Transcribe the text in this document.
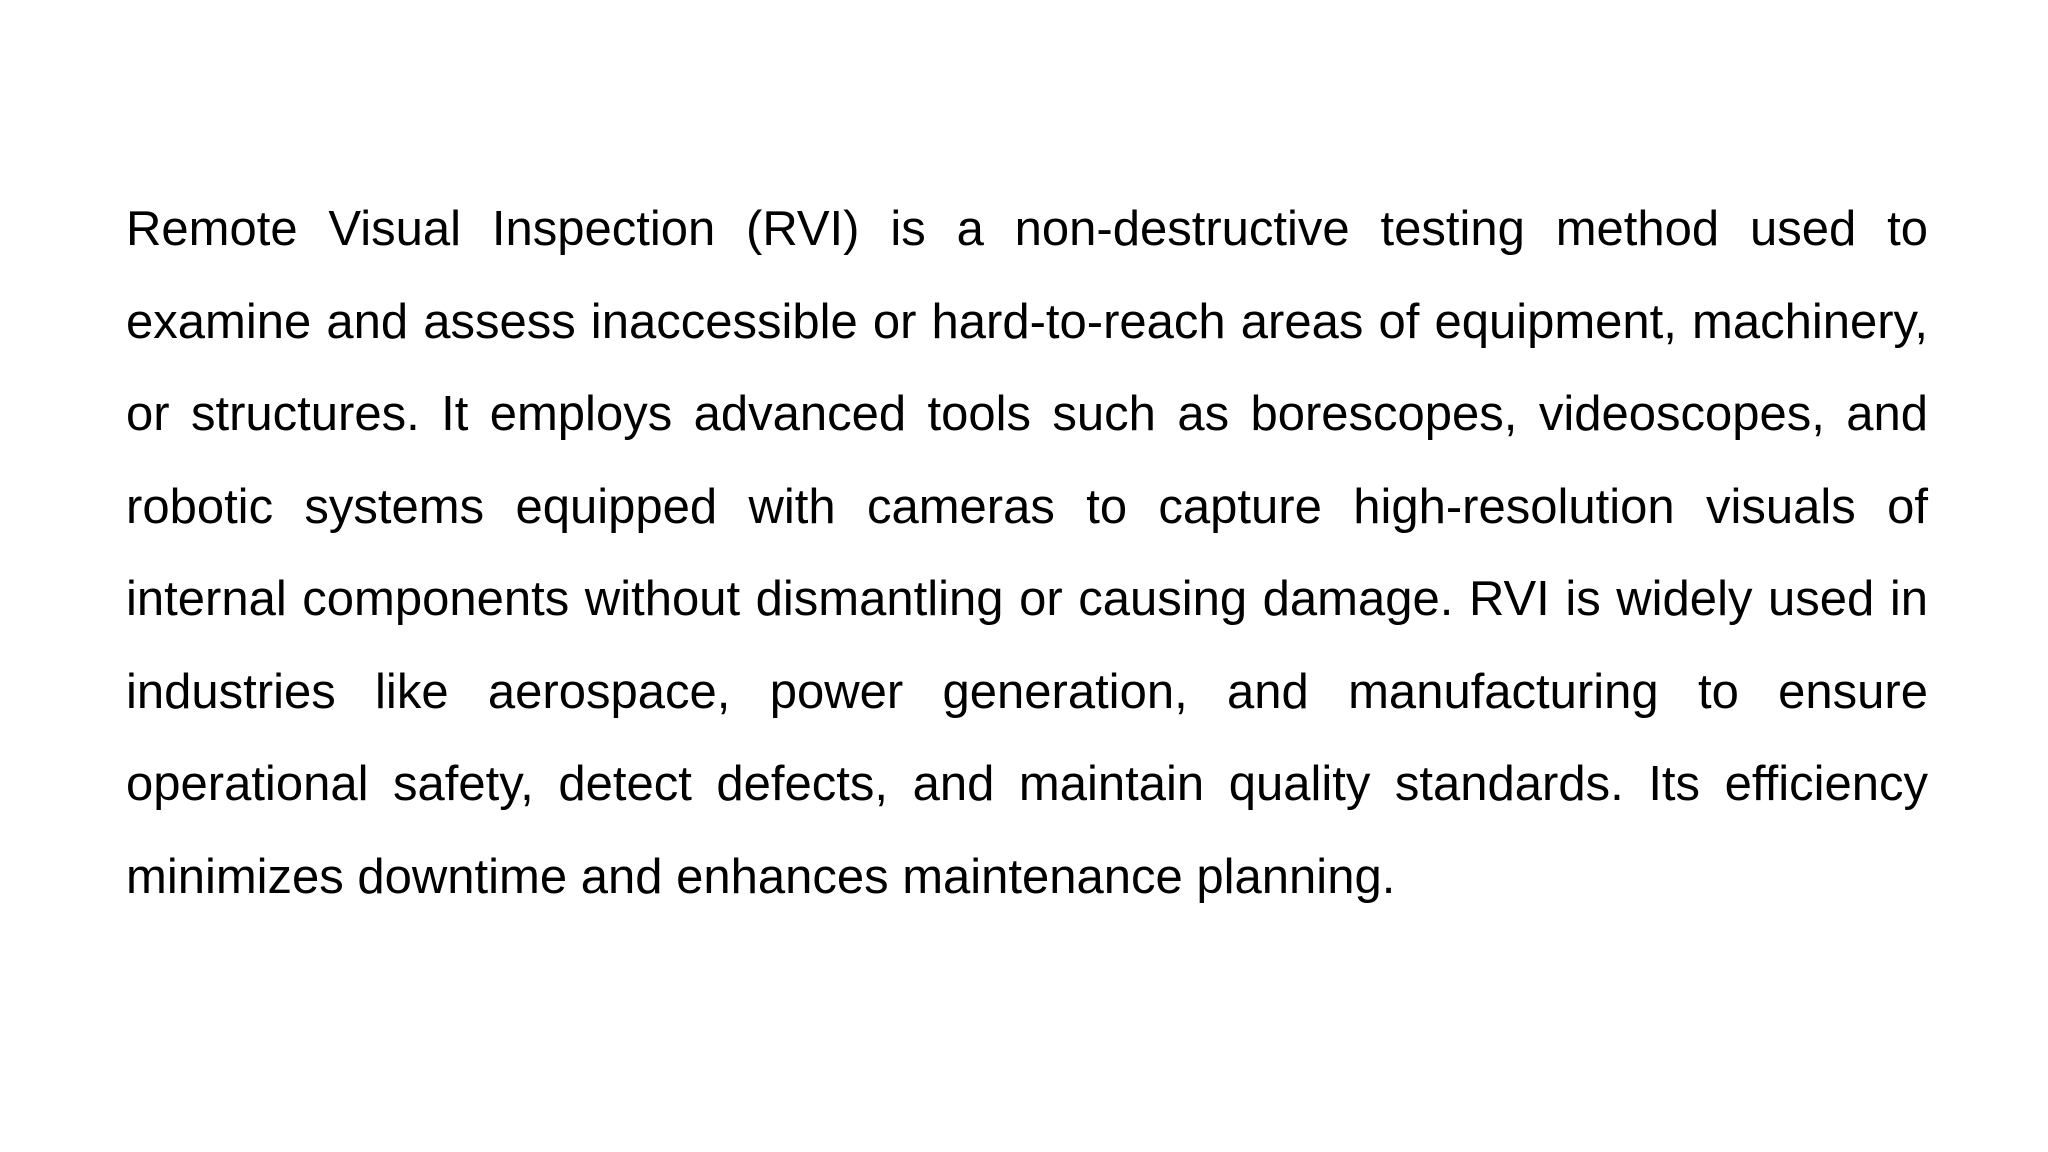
Remote Visual Inspection (RVI) is a non-destructive testing method used to examine and assess inaccessible or hard-to-reach areas of equipment, machinery, or structures. It employs advanced tools such as borescopes, videoscopes, and robotic systems equipped with cameras to capture high-resolution visuals of internal components without dismantling or causing damage. RVI is widely used in industries like aerospace, power generation, and manufacturing to ensure operational safety, detect defects, and maintain quality standards. Its efficiency minimizes downtime and enhances maintenance planning.
